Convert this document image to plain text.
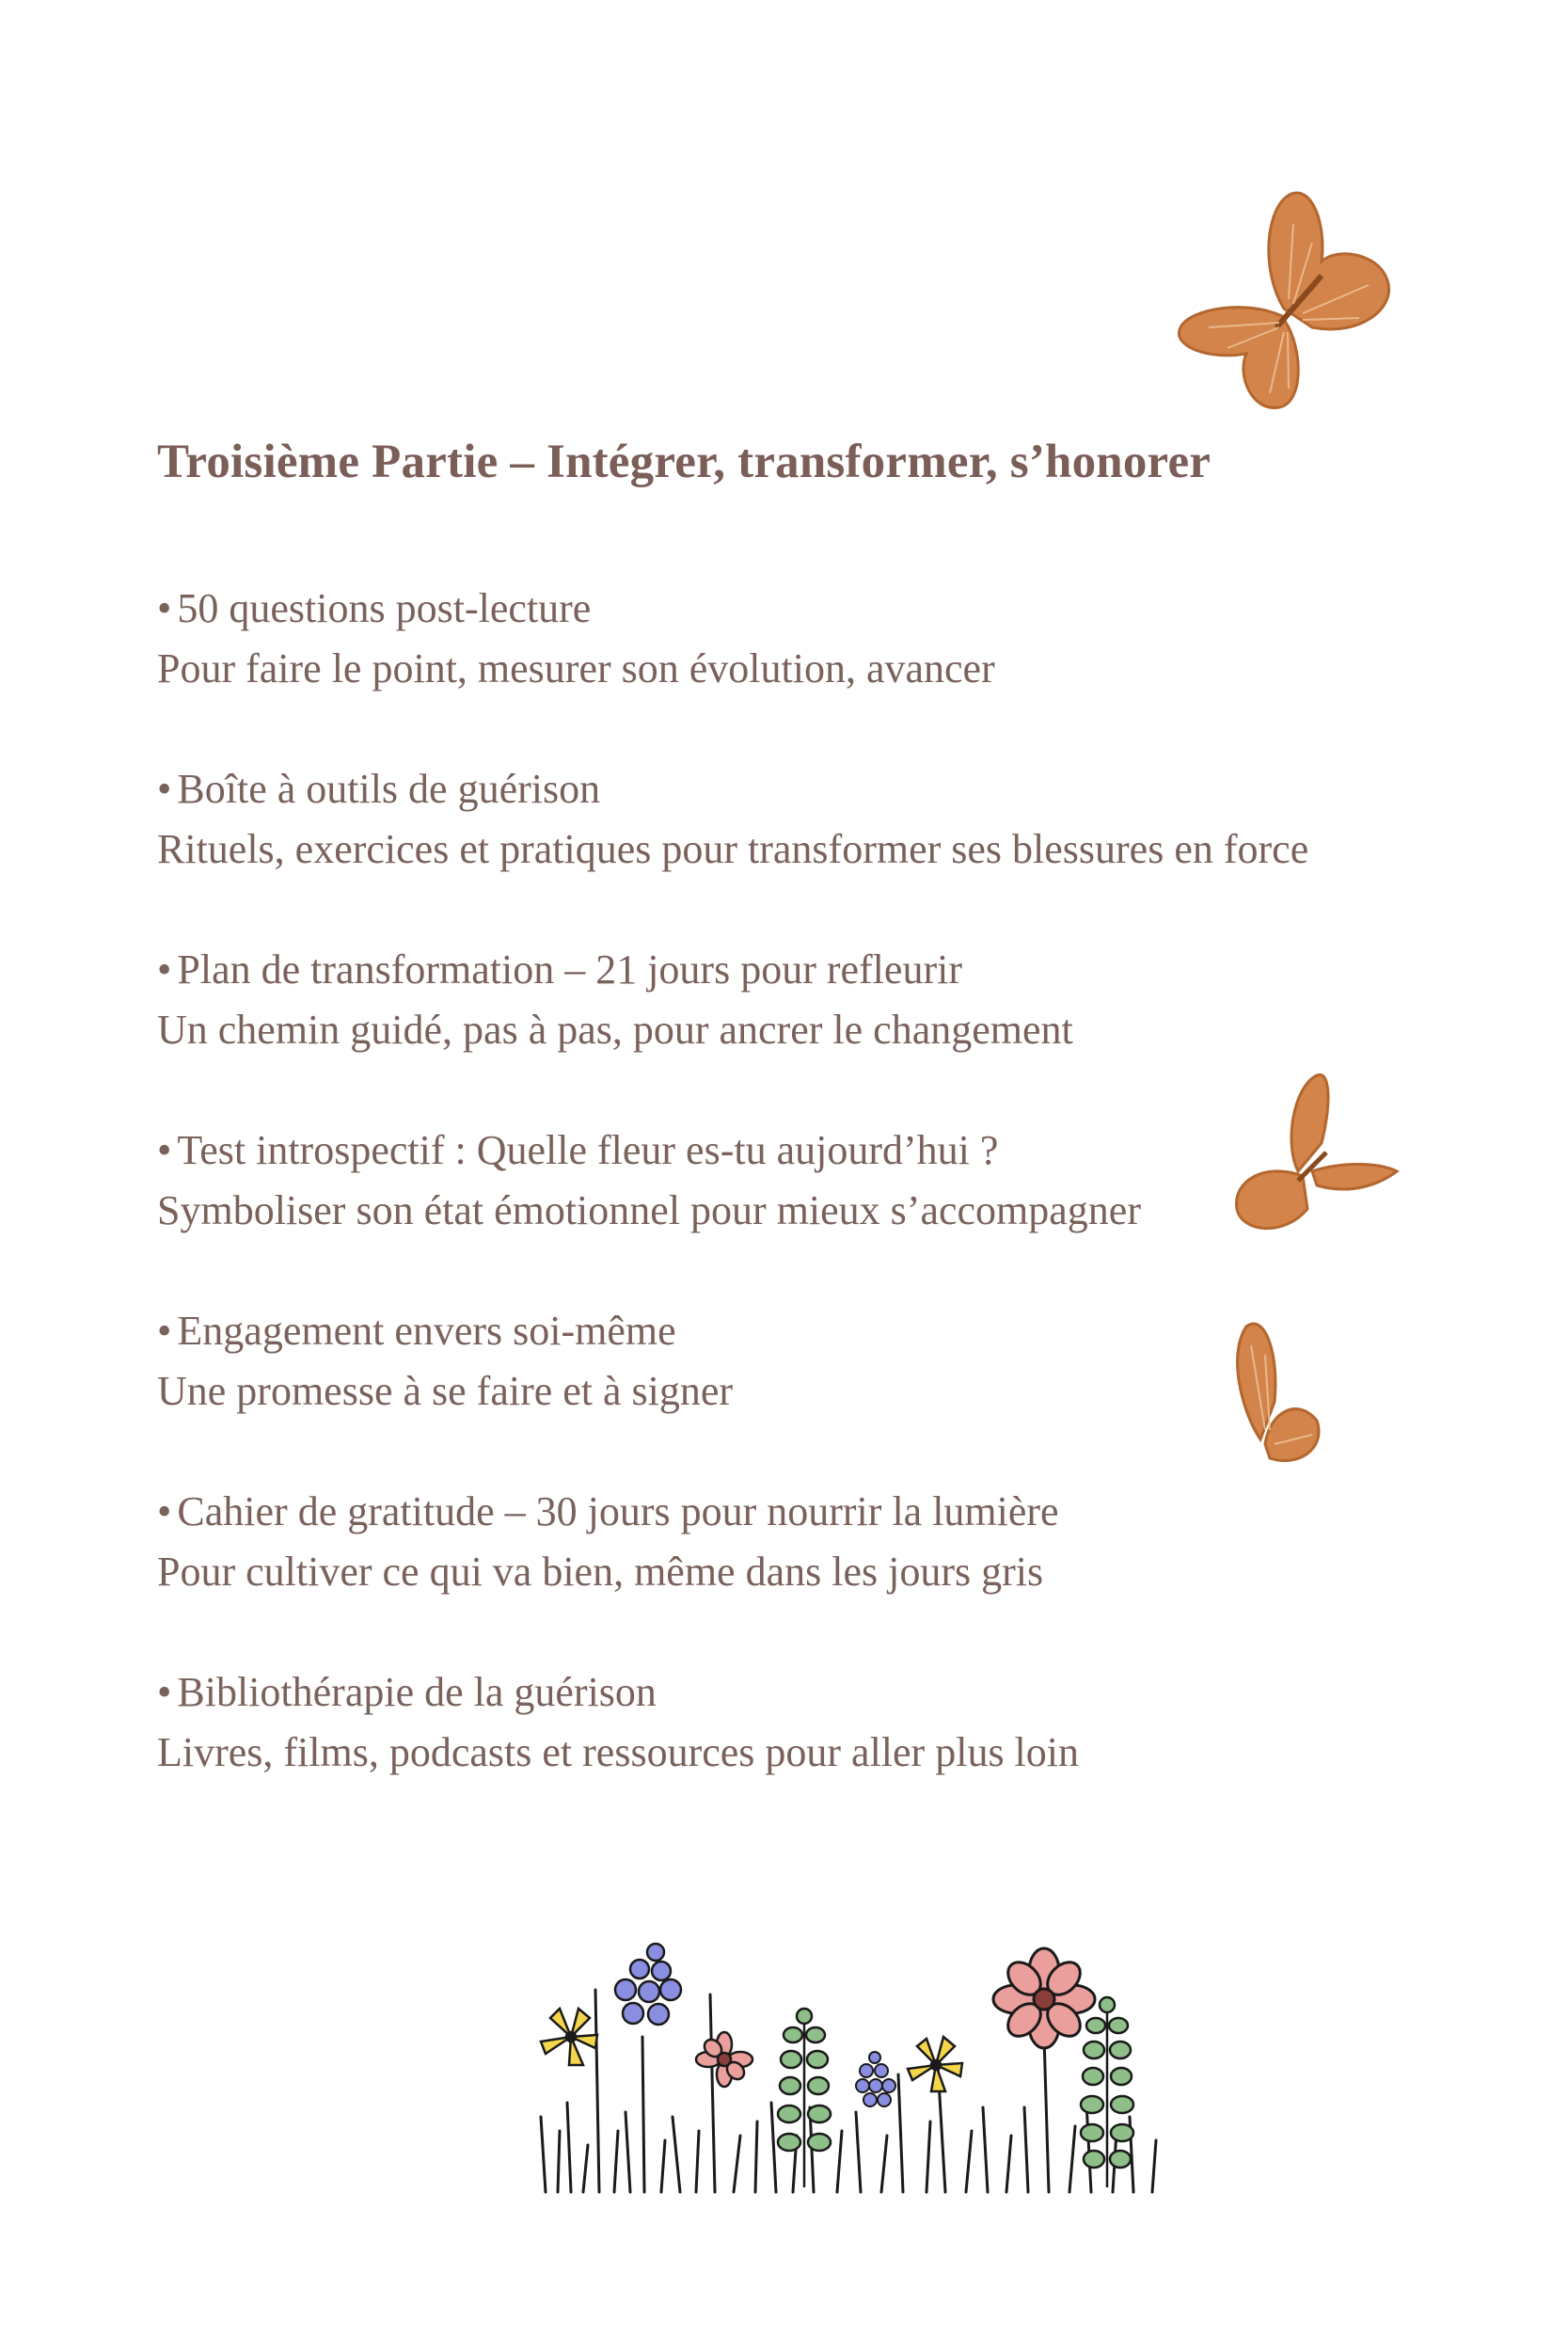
Troisième Partie – Intégrer, transformer, s’honorer
• 50 questions post-lecture
Pour faire le point, mesurer son évolution, avancer
• Boîte à outils de guérison
Rituels, exercices et pratiques pour transformer ses blessures en force
• Plan de transformation – 21 jours pour refleurir
Un chemin guidé, pas à pas, pour ancrer le changement
• Test introspectif : Quelle fleur es-tu aujourd’hui ?
Symboliser son état émotionnel pour mieux s’accompagner
• Engagement envers soi-même
Une promesse à se faire et à signer
• Cahier de gratitude – 30 jours pour nourrir la lumière
Pour cultiver ce qui va bien, même dans les jours gris
• Bibliothérapie de la guérison
Livres, films, podcasts et ressources pour aller plus loin
